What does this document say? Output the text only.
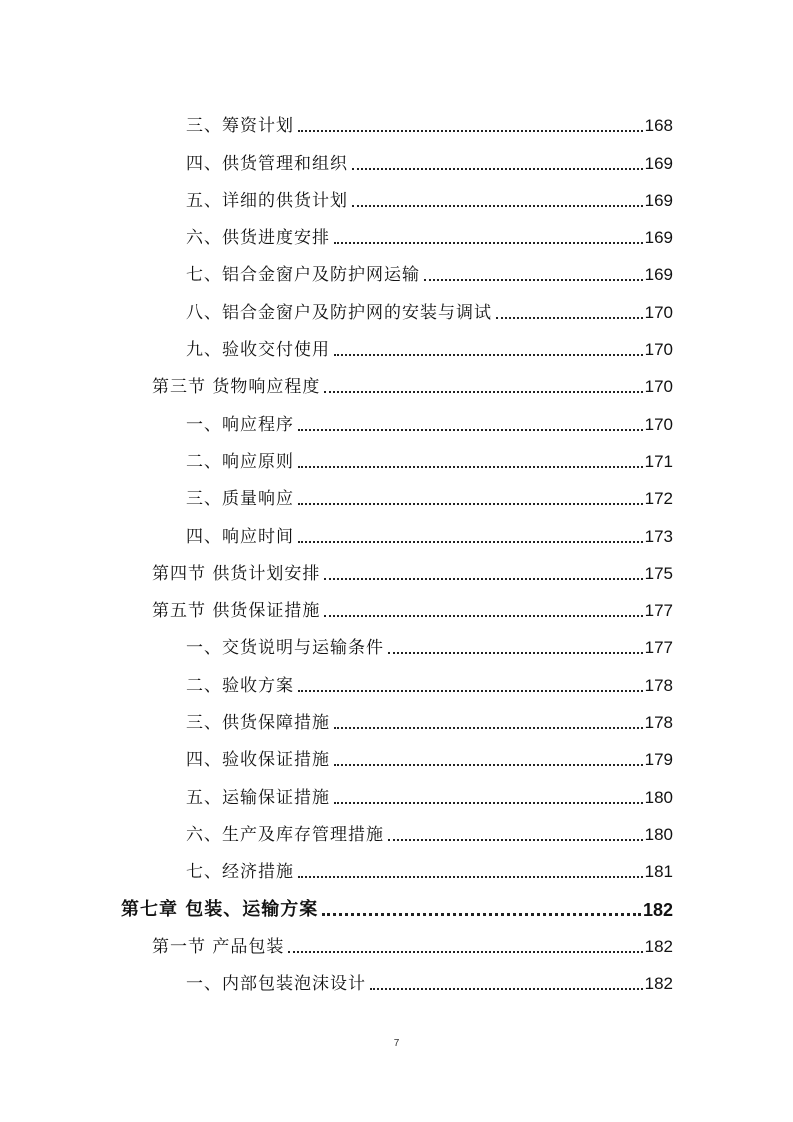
三、筹资计划	168
四、供货管理和组织	169
五、详细的供货计划	169
六、供货进度安排	169
七、铝合金窗户及防护网运输	169
八、铝合金窗户及防护网的安装与调试	170
九、验收交付使用	170
第三节 货物响应程度	170
一、响应程序	170
二、响应原则	171
三、质量响应	172
四、响应时间	173
第四节 供货计划安排	175
第五节 供货保证措施	177
一、交货说明与运输条件	177
二、验收方案	178
三、供货保障措施	178
四、验收保证措施	179
五、运输保证措施	180
六、生产及库存管理措施	180
七、经济措施	181
第七章 包装、运输方案	182
第一节 产品包装	182
一、内部包装泡沫设计	182
7
